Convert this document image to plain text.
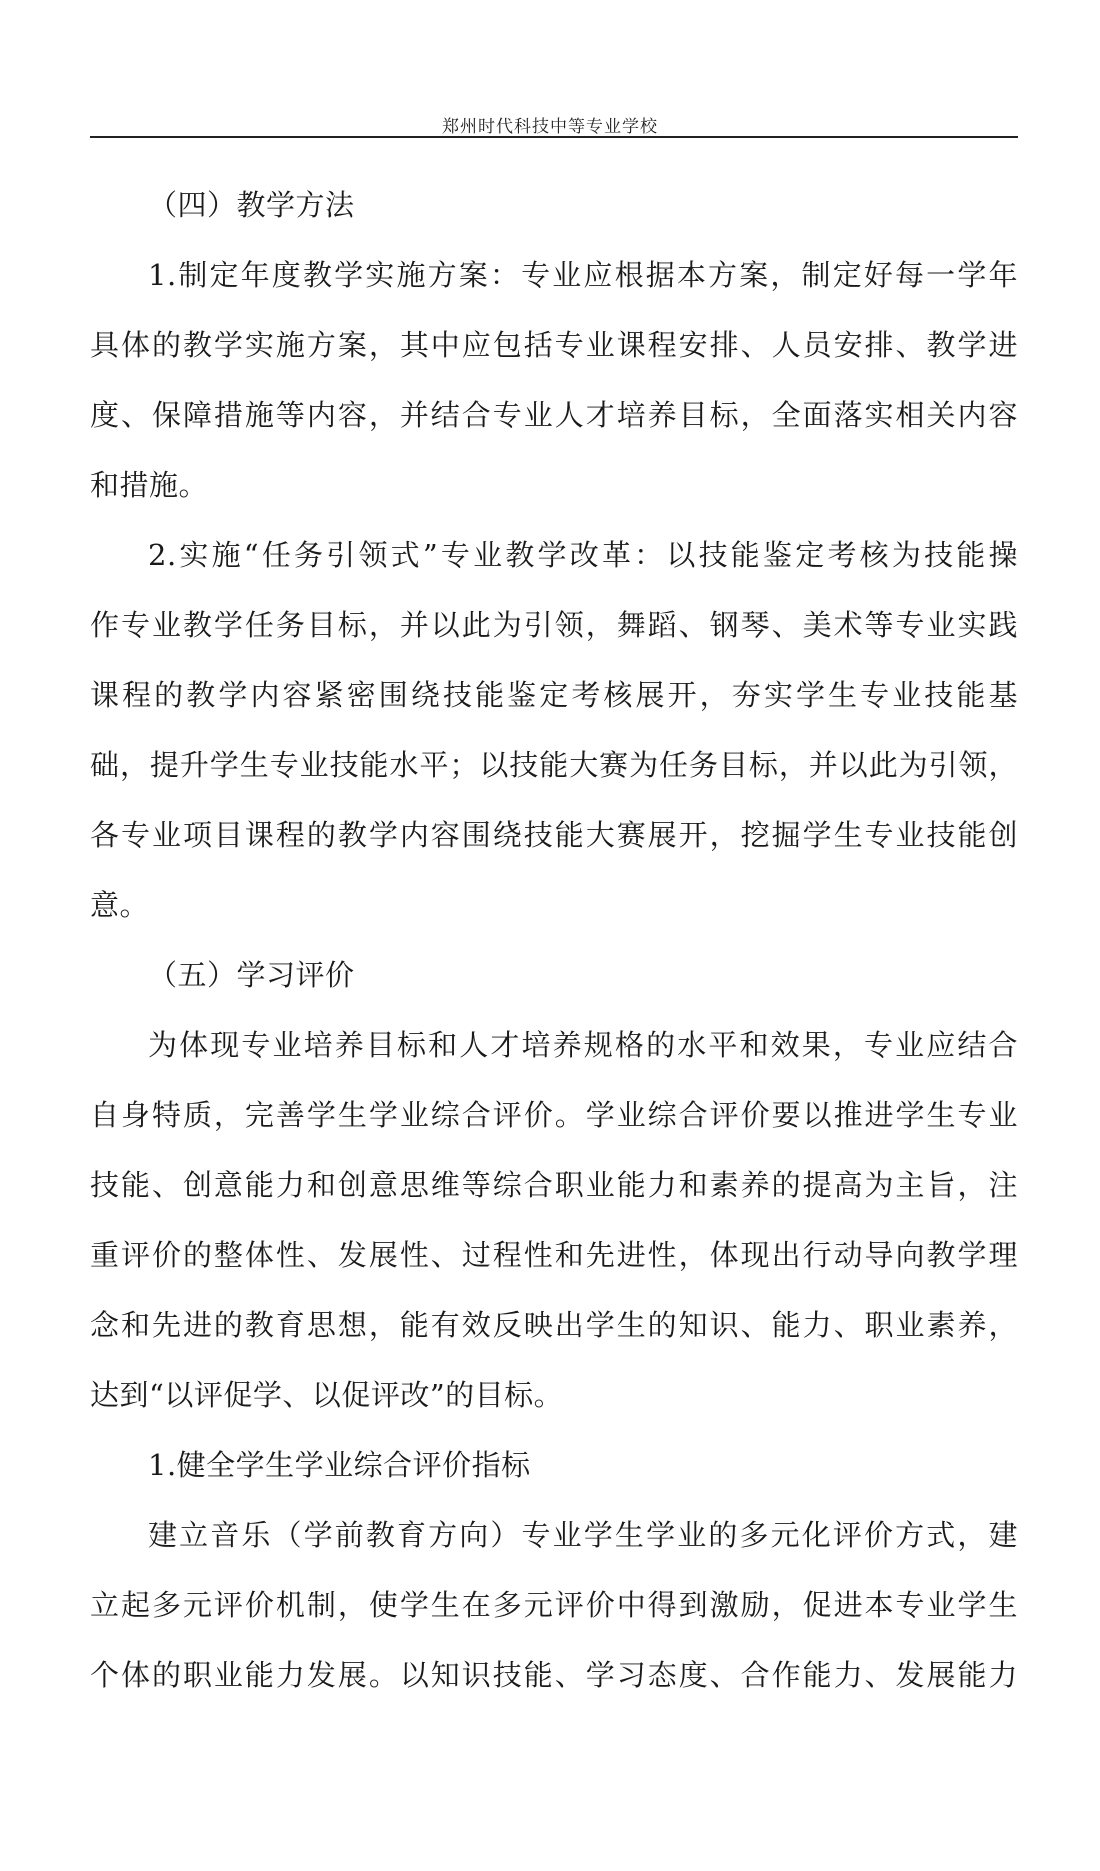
郑州时代科技中等专业学校
（四）教学方法
1.制定年度教学实施方案：专业应根据本方案，制定好每一学年
具体的教学实施方案，其中应包括专业课程安排、人员安排、教学进
度、保障措施等内容，并结合专业人才培养目标，全面落实相关内容
和措施。
2.实施“任务引领式”专业教学改革：以技能鉴定考核为技能操
作专业教学任务目标，并以此为引领，舞蹈、钢琴、美术等专业实践
课程的教学内容紧密围绕技能鉴定考核展开，夯实学生专业技能基
础，提升学生专业技能水平；以技能大赛为任务目标，并以此为引领，
各专业项目课程的教学内容围绕技能大赛展开，挖掘学生专业技能创
意。
（五）学习评价
为体现专业培养目标和人才培养规格的水平和效果，专业应结合
自身特质，完善学生学业综合评价。学业综合评价要以推进学生专业
技能、创意能力和创意思维等综合职业能力和素养的提高为主旨，注
重评价的整体性、发展性、过程性和先进性，体现出行动导向教学理
念和先进的教育思想，能有效反映出学生的知识、能力、职业素养，
达到“以评促学、以促评改”的目标。
1.健全学生学业综合评价指标
建立音乐（学前教育方向）专业学生学业的多元化评价方式，建
立起多元评价机制，使学生在多元评价中得到激励，促进本专业学生
个体的职业能力发展。以知识技能、学习态度、合作能力、发展能力
